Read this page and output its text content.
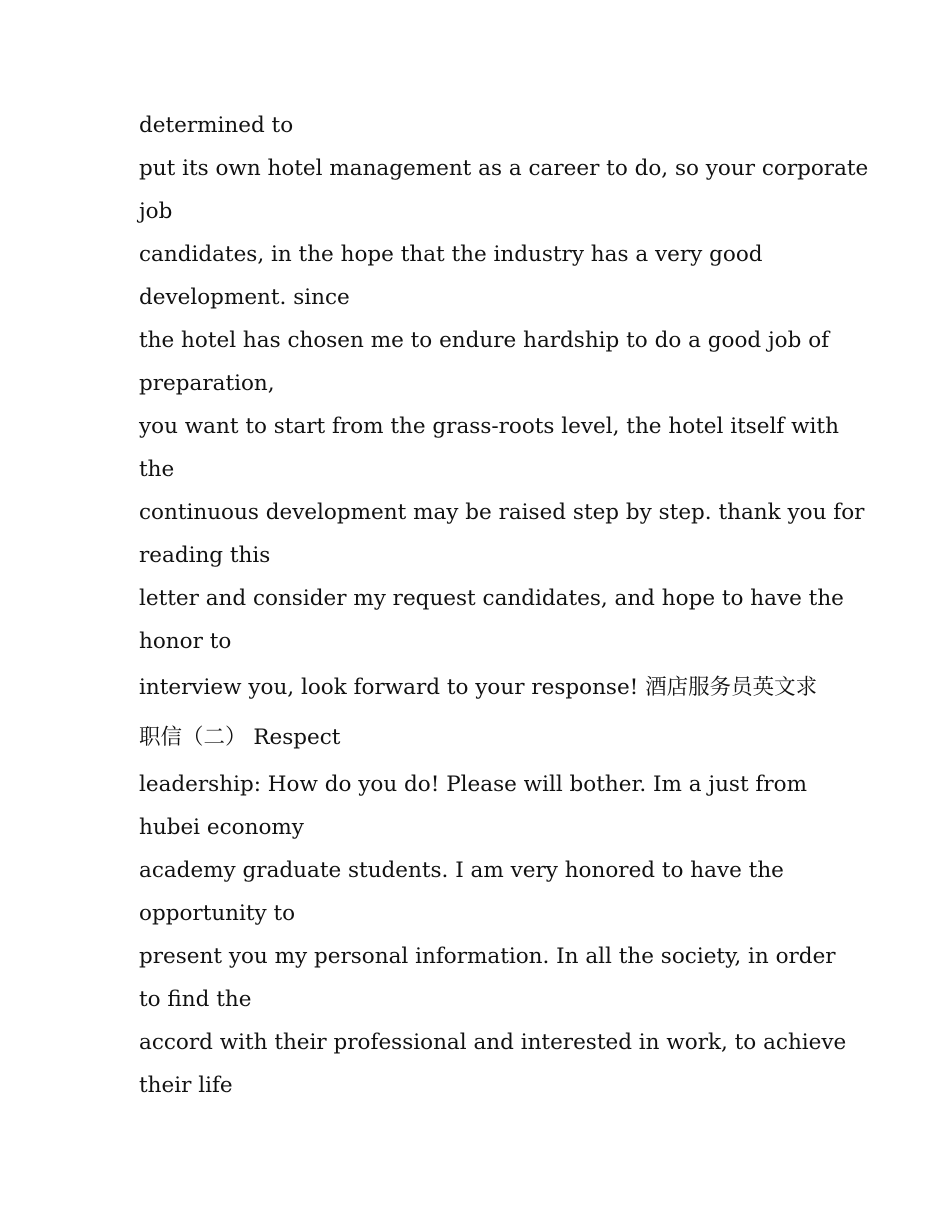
determined to
put its own hotel management as a career to do, so your corporate
job
candidates, in the hope that the industry has a very good
development. since
the hotel has chosen me to endure hardship to do a good job of
preparation,
you want to start from the grass-roots level, the hotel itself with
the
continuous development may be raised step by step. thank you for
reading this
letter and consider my request candidates, and hope to have the
honor to
interview you, look forward to your response! 酒店服务员英文求
职信（二） Respect
leadership: How do you do! Please will bother. Im a just from
hubei economy
academy graduate students. I am very honored to have the
opportunity to
present you my personal information. In all the society, in order
to find the
accord with their professional and interested in work, to achieve
their life
